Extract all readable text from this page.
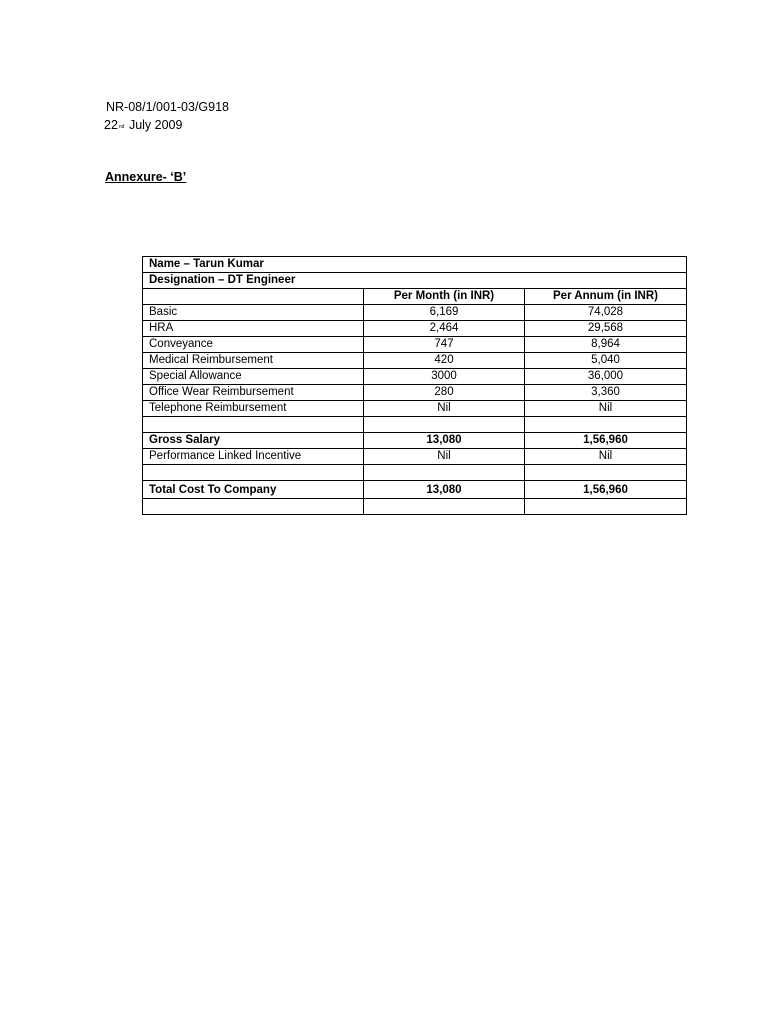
NR-08/1/001-03/G918
22nd July 2009
Annexure- ‘B’
Name – Tarun Kumar		
Designation – DT Engineer		
	Per Month (in INR)	Per Annum (in INR)
Basic	6,169	74,028
HRA	2,464	29,568
Conveyance	747	8,964
Medical Reimbursement	420	5,040
Special Allowance	3000	36,000
Office Wear Reimbursement	280	3,360
Telephone Reimbursement	Nil	Nil

Gross Salary	13,080	1,56,960
Performance Linked Incentive	Nil	Nil

Total Cost To Company	13,080	1,56,960
